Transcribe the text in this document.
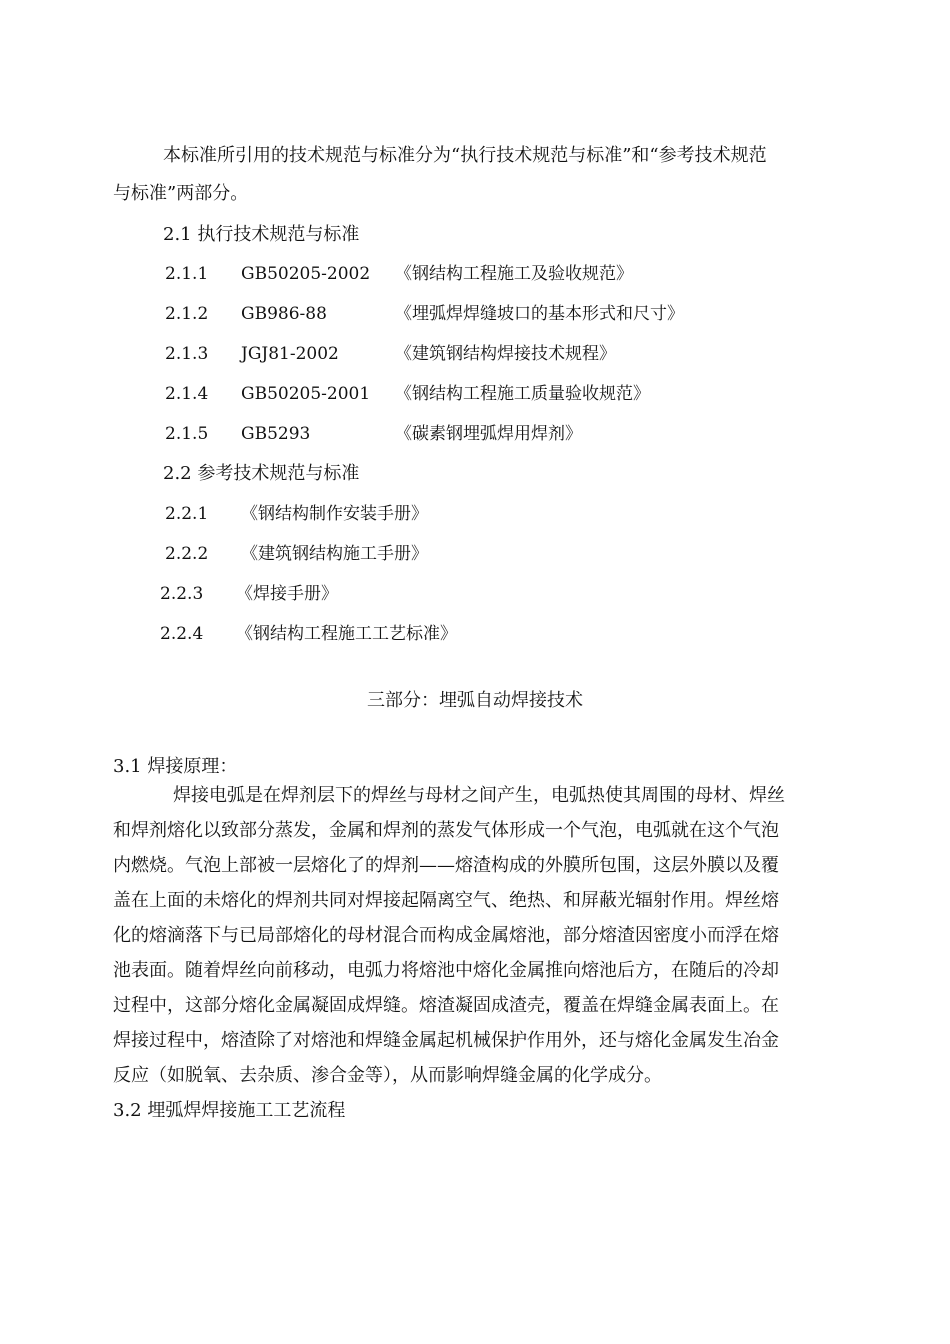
本标准所引用的技术规范与标准分为“执行技术规范与标准”和“参考技术规范
与标准”两部分。
2.1 执行技术规范与标准
2.1.1 GB50205-2002 《钢结构工程施工及验收规范》
2.1.2 GB986-88	《埋弧焊焊缝坡口的基本形式和尺寸》
2.1.3 JGJ81-2002	《建筑钢结构焊接技术规程》
2.1.4 GB50205-2001 《钢结构工程施工质量验收规范》
2.1.5 GB5293	《碳素钢埋弧焊用焊剂》
2.2 参考技术规范与标准
2.2.1 《钢结构制作安装手册》
2.2.2 《建筑钢结构施工手册》
2.2.3 《焊接手册》
2.2.4 《钢结构工程施工工艺标准》
三部分：埋弧自动焊接技术
3.1 焊接原理：
焊接电弧是在焊剂层下的焊丝与母材之间产生，电弧热使其周围的母材、焊丝
和焊剂熔化以致部分蒸发，金属和焊剂的蒸发气体形成一个气泡，电弧就在这个气泡
内燃烧。气泡上部被一层熔化了的焊剂——熔渣构成的外膜所包围，这层外膜以及覆
盖在上面的未熔化的焊剂共同对焊接起隔离空气、绝热、和屏蔽光辐射作用。焊丝熔
化的熔滴落下与已局部熔化的母材混合而构成金属熔池，部分熔渣因密度小而浮在熔
池表面。随着焊丝向前移动，电弧力将熔池中熔化金属推向熔池后方，在随后的冷却
过程中，这部分熔化金属凝固成焊缝。熔渣凝固成渣壳，覆盖在焊缝金属表面上。在
焊接过程中，熔渣除了对熔池和焊缝金属起机械保护作用外，还与熔化金属发生冶金
反应（如脱氧、去杂质、渗合金等），从而影响焊缝金属的化学成分。
3.2 埋弧焊焊接施工工艺流程
